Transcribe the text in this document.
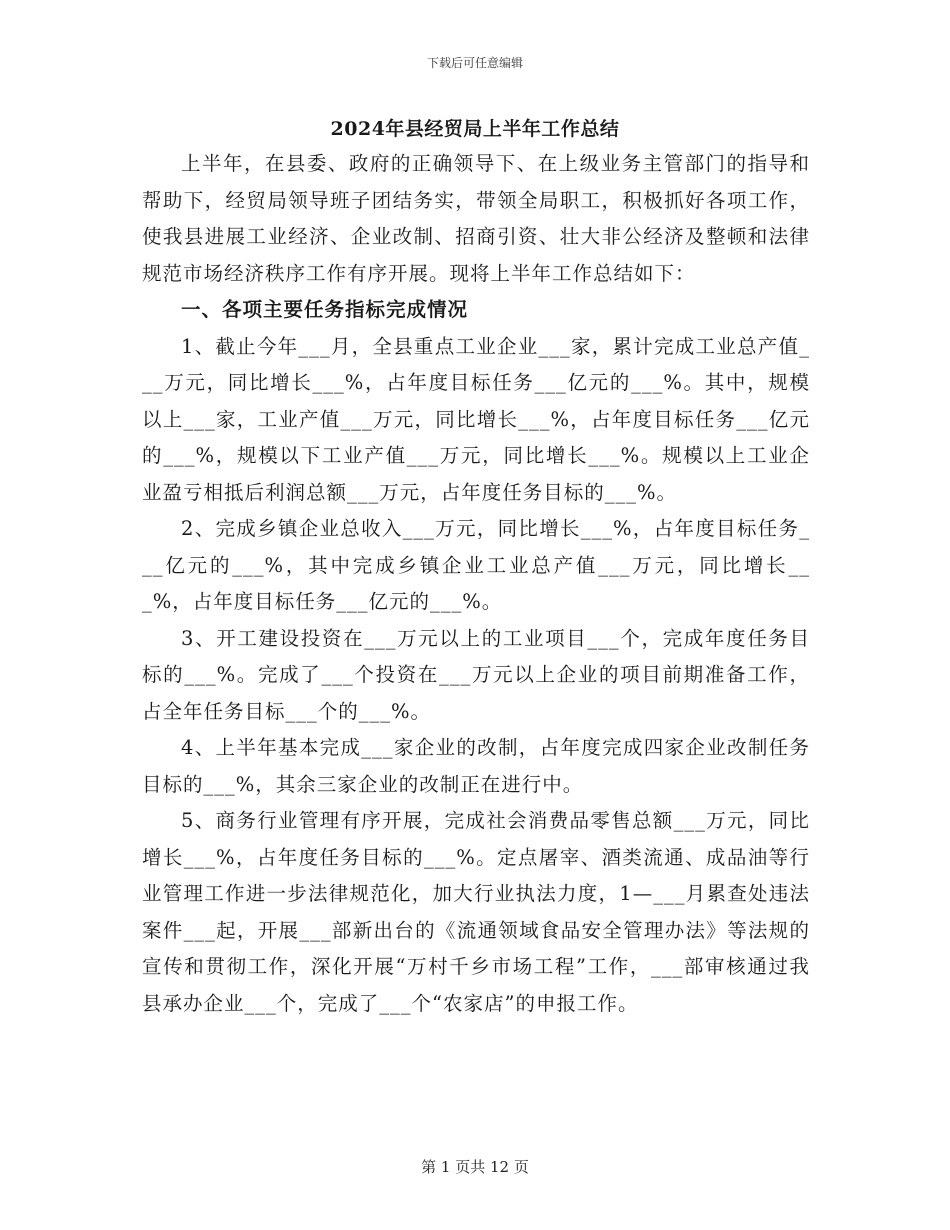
下载后可任意编辑
2024年县经贸局上半年工作总结

上半年，在县委、政府的正确领导下、在上级业务主管部门的指导和帮助下，经贸局领导班子团结务实，带领全局职工，积极抓好各项工作，使我县进展工业经济、企业改制、招商引资、壮大非公经济及整顿和法律规范市场经济秩序工作有序开展。现将上半年工作总结如下：

一、各项主要任务指标完成情况

1、截止今年___月，全县重点工业企业___家，累计完成工业总产值___万元，同比增长___%，占年度目标任务___亿元的___%。其中，规模以上___家，工业产值___万元，同比增长___%，占年度目标任务___亿元的___%，规模以下工业产值___万元，同比增长___%。规模以上工业企业盈亏相抵后利润总额___万元，占年度任务目标的___%。

2、完成乡镇企业总收入___万元，同比增长___%，占年度目标任务___亿元的___%，其中完成乡镇企业工业总产值___万元，同比增长___%，占年度目标任务___亿元的___%。

3、开工建设投资在___万元以上的工业项目___个，完成年度任务目标的___%。完成了___个投资在___万元以上企业的项目前期准备工作，占全年任务目标___个的___%。

4、上半年基本完成___家企业的改制，占年度完成四家企业改制任务目标的___%，其余三家企业的改制正在进行中。

5、商务行业管理有序开展，完成社会消费品零售总额___万元，同比增长___%，占年度任务目标的___%。定点屠宰、酒类流通、成品油等行业管理工作进一步法律规范化，加大行业执法力度，1—___月累查处违法案件___起，开展___部新出台的《流通领域食品安全管理办法》等法规的宣传和贯彻工作，深化开展“万村千乡市场工程”工作，___部审核通过我县承办企业___个，完成了___个“农家店”的申报工作。

第 1 页共 12 页
